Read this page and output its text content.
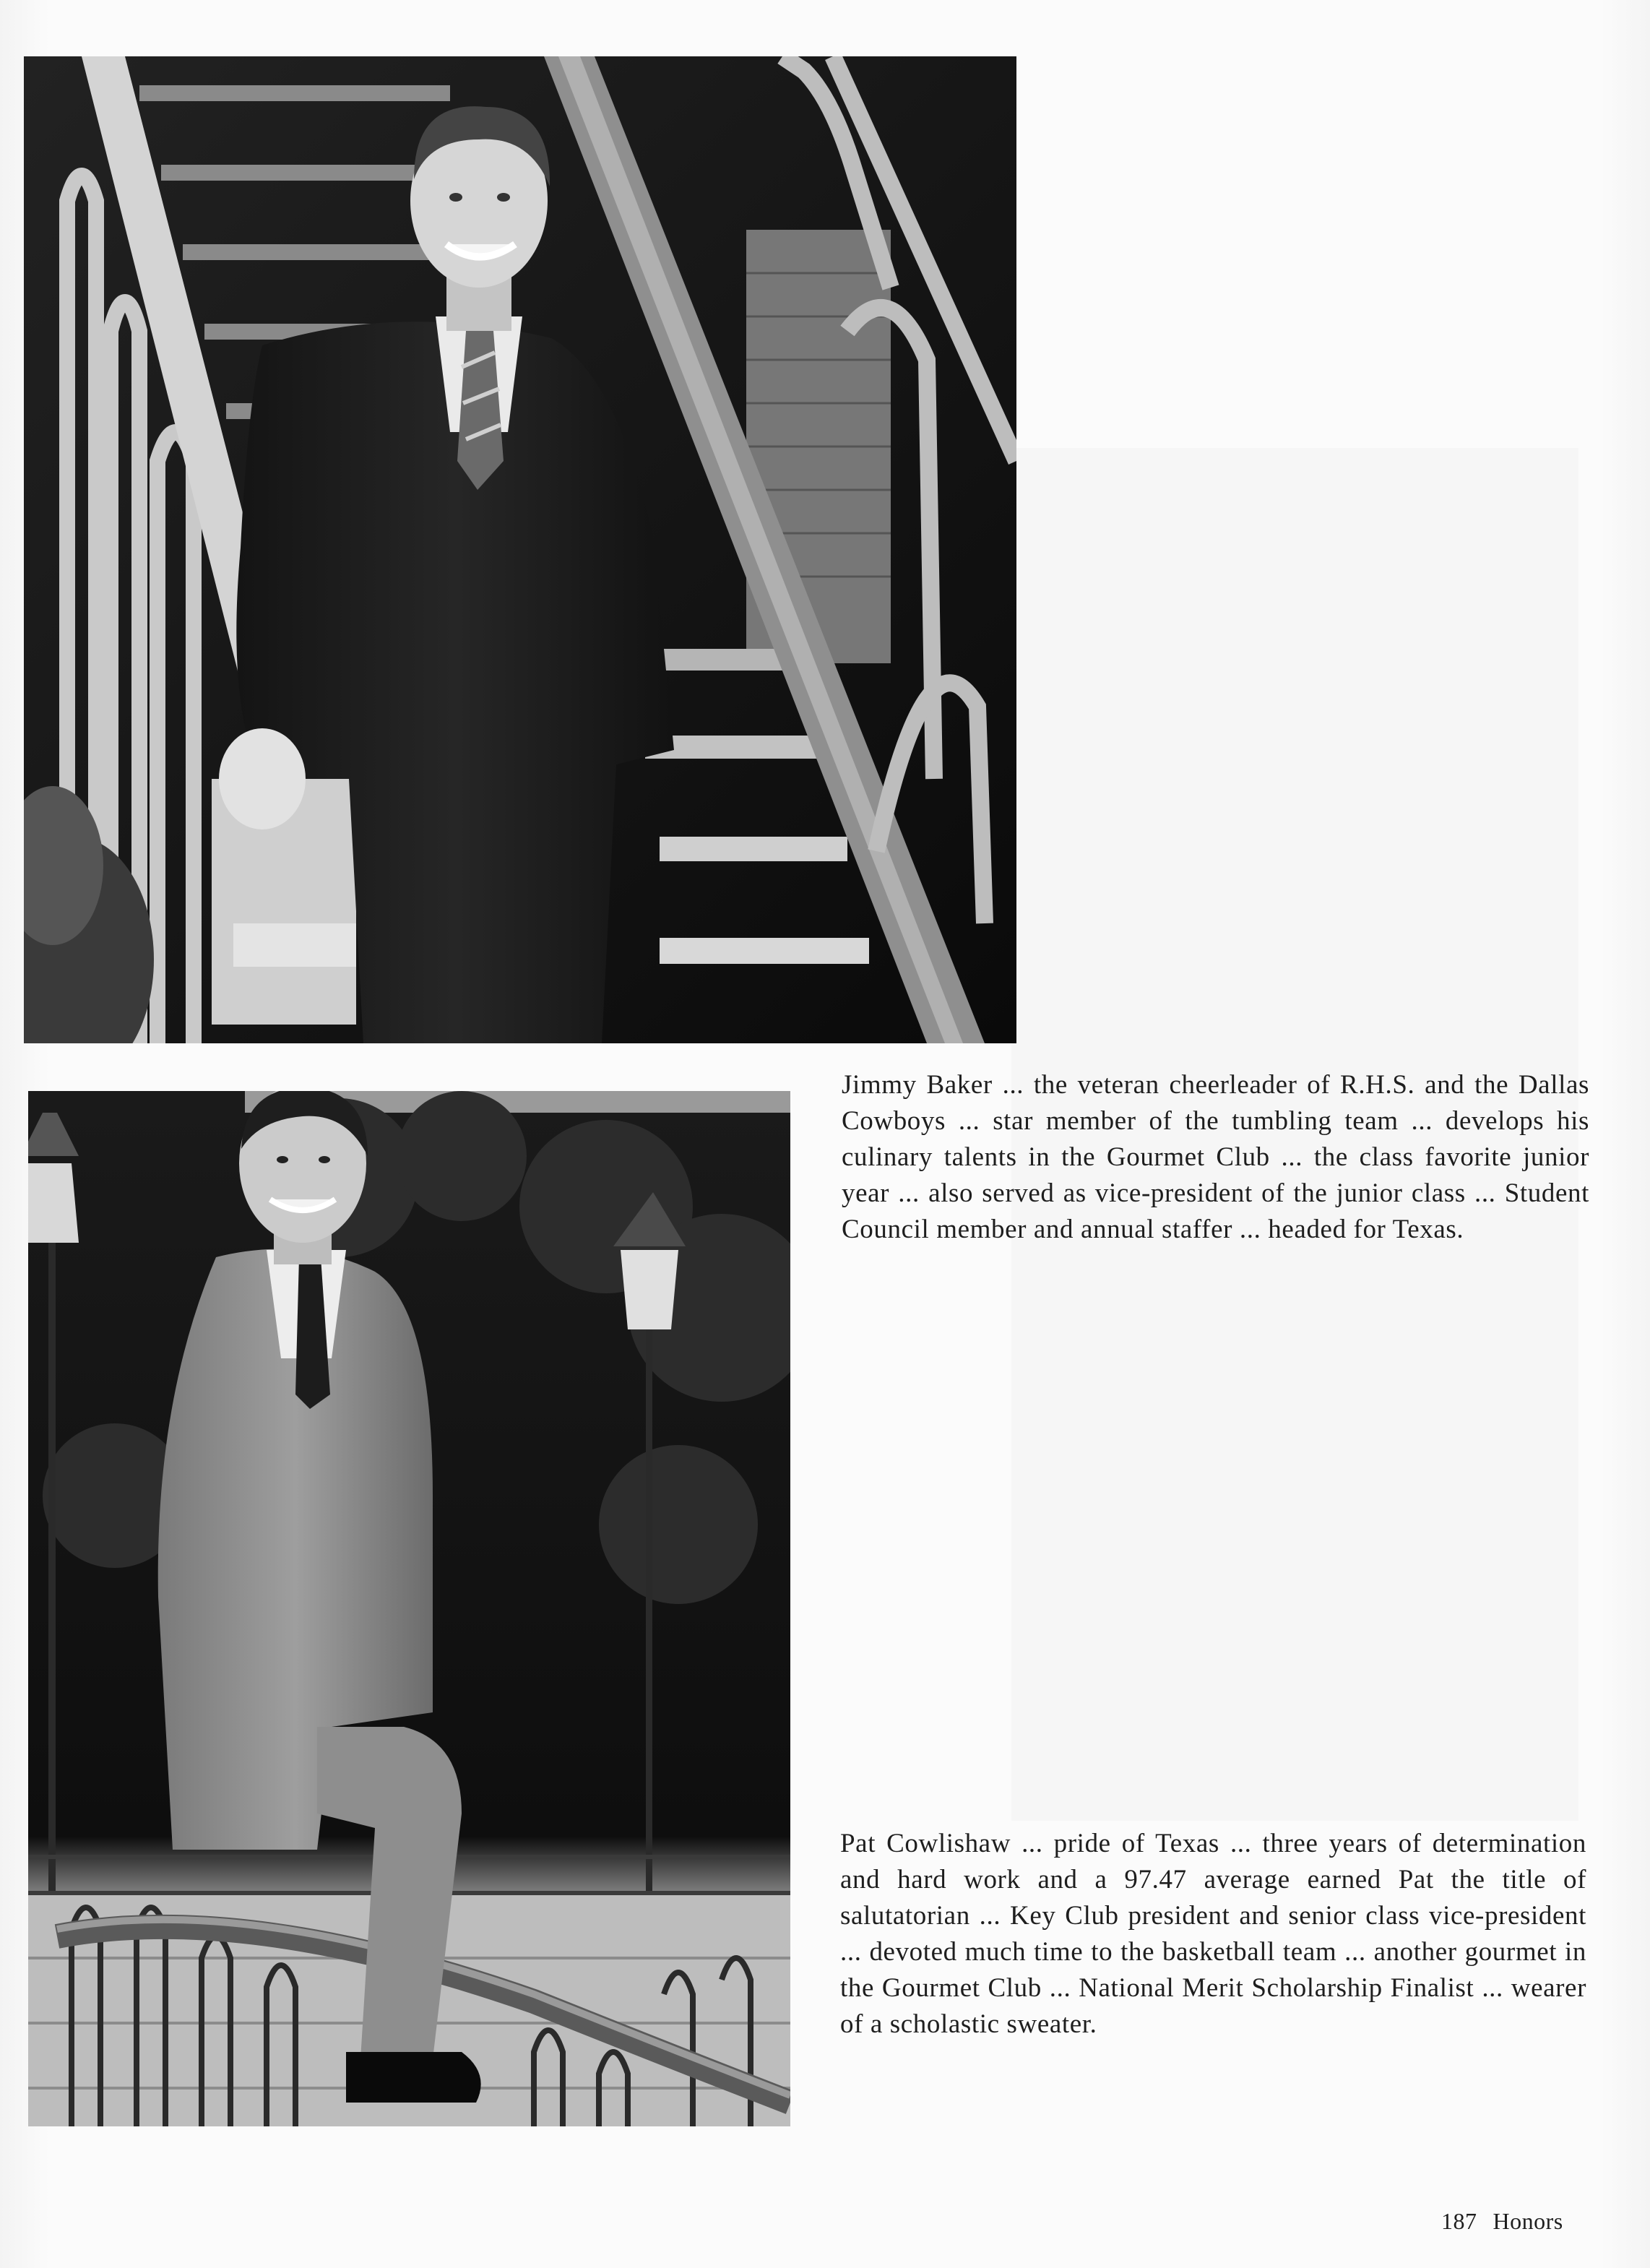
Jimmy Baker ... the veteran cheerleader of R.H.S. and the Dallas Cowboys ... star member of the tumbling team ... develops his culinary talents in the Gourmet Club ... the class favorite junior year ... also served as vice-president of the junior class ... Student Council member and annual staffer ... headed for Texas.

Pat Cowlishaw ... pride of Texas ... three years of determination and hard work and a 97.47 average earned Pat the title of salutatorian ... Key Club president and senior class vice-president ... devoted much time to the basketball team ... another gourmet in the Gourmet Club ... National Merit Scholarship Finalist ... wearer of a scholastic sweater.

187 Honors
